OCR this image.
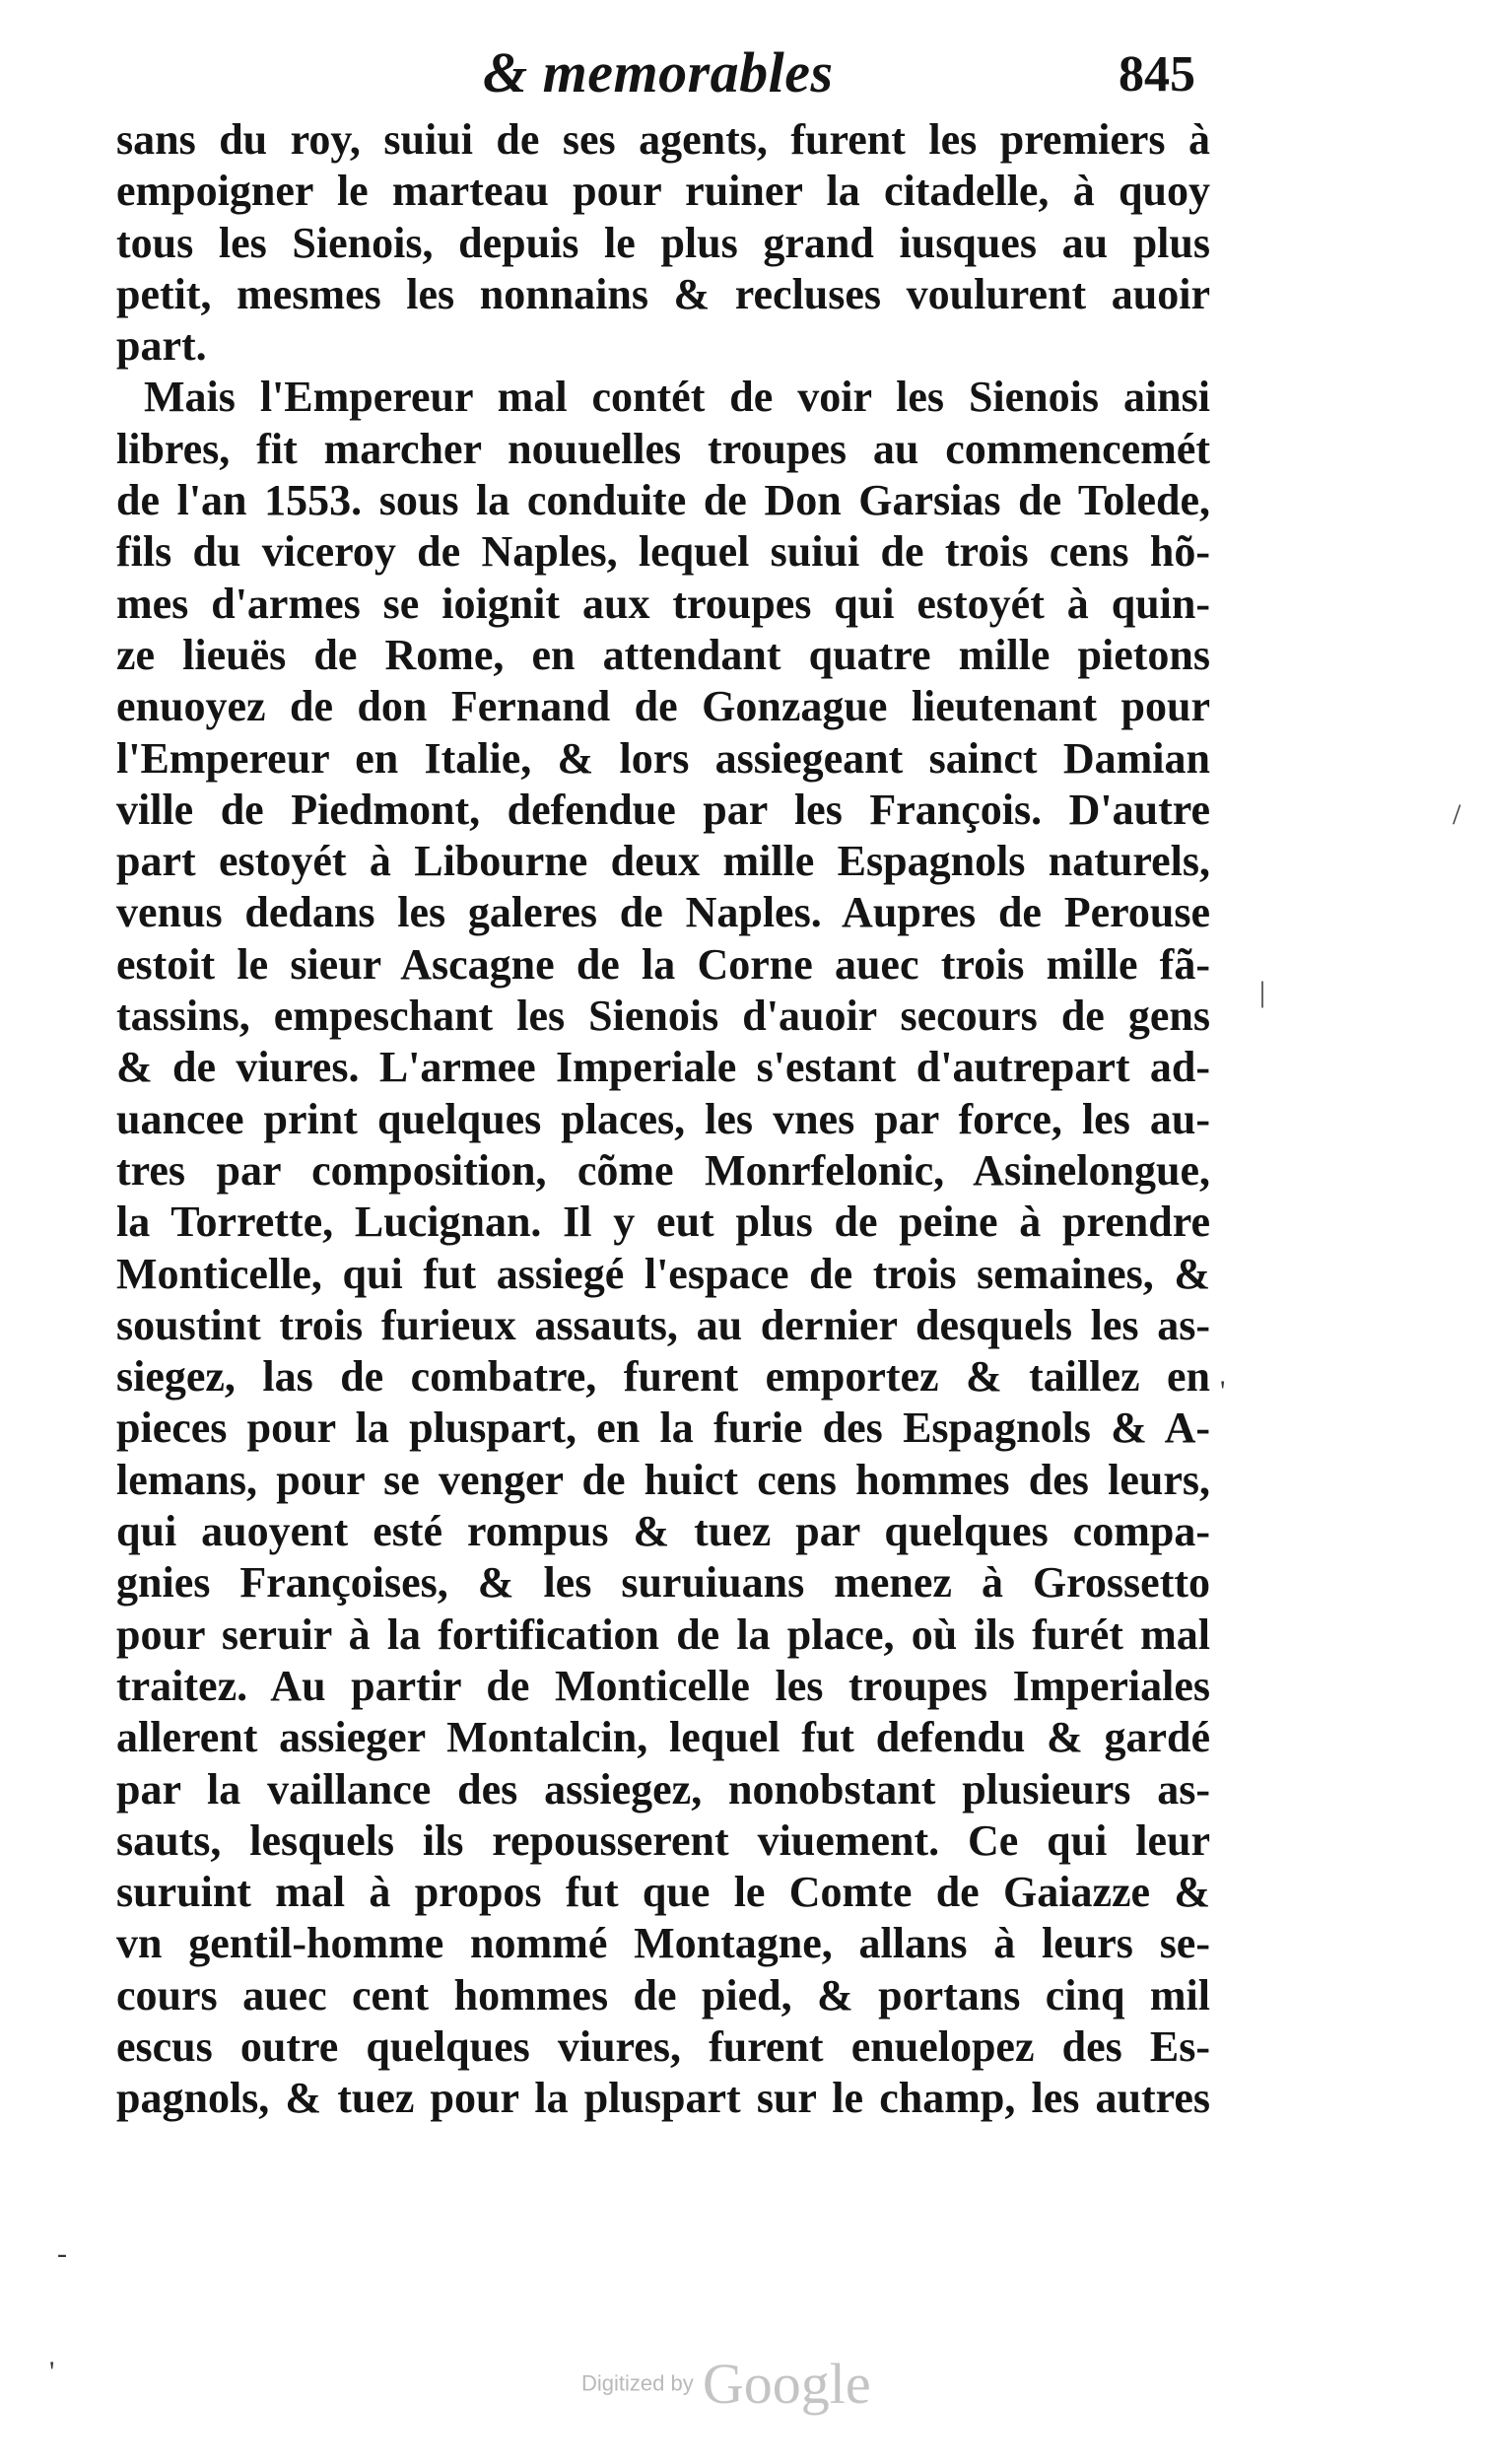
& memorables	845
sans du roy, suiui de ses agents, furent les premiers à
empoigner le marteau pour ruiner la citadelle, à quoy
tous les Sienois, depuis le plus grand iusques au plus
petit, mesmes les nonnains & recluses voulurent auoir
part.
Mais l'Empereur mal contét de voir les Sienois ainsi
libres, fit marcher nouuelles troupes au commencemét
de l'an 1553. sous la conduite de Don Garsias de Tolede,
fils du viceroy de Naples, lequel suiui de trois cens hõ-
mes d'armes se ioignit aux troupes qui estoyét à quin-
ze lieuës de Rome, en attendant quatre mille pietons
enuoyez de don Fernand de Gonzague lieutenant pour
l'Empereur en Italie, & lors assiegeant sainct Damian
ville de Piedmont, defendue par les François. D'autre
part estoyét à Libourne deux mille Espagnols naturels,
venus dedans les galeres de Naples. Aupres de Perouse
estoit le sieur Ascagne de la Corne auec trois mille fã-
tassins, empeschant les Sienois d'auoir secours de gens
& de viures. L'armee Imperiale s'estant d'autrepart ad-
uancee print quelques places, les vnes par force, les au-
tres par composition, cõme Monrfelonic, Asinelongue,
la Torrette, Lucignan. Il y eut plus de peine à prendre
Monticelle, qui fut assiegé l'espace de trois semaines, &
soustint trois furieux assauts, au dernier desquels les as-
siegez, las de combatre, furent emportez & taillez en
pieces pour la pluspart, en la furie des Espagnols & A-
lemans, pour se venger de huict cens hommes des leurs,
qui auoyent esté rompus & tuez par quelques compa-
gnies Françoises, & les suruiuans menez à Grossetto
pour seruir à la fortification de la place, où ils furét mal
traitez. Au partir de Monticelle les troupes Imperiales
allerent assieger Montalcin, lequel fut defendu & gardé
par la vaillance des assiegez, nonobstant plusieurs as-
sauts, lesquels ils repousserent viuement. Ce qui leur
suruint mal à propos fut que le Comte de Gaiazze &
vn gentil-homme nommé Montagne, allans à leurs se-
cours auec cent hommes de pied, & portans cinq mil
escus outre quelques viures, furent enuelopez des Es-
pagnols, & tuez pour la pluspart sur le champ, les autres
/
|
'
-
'	Digitized by Google
